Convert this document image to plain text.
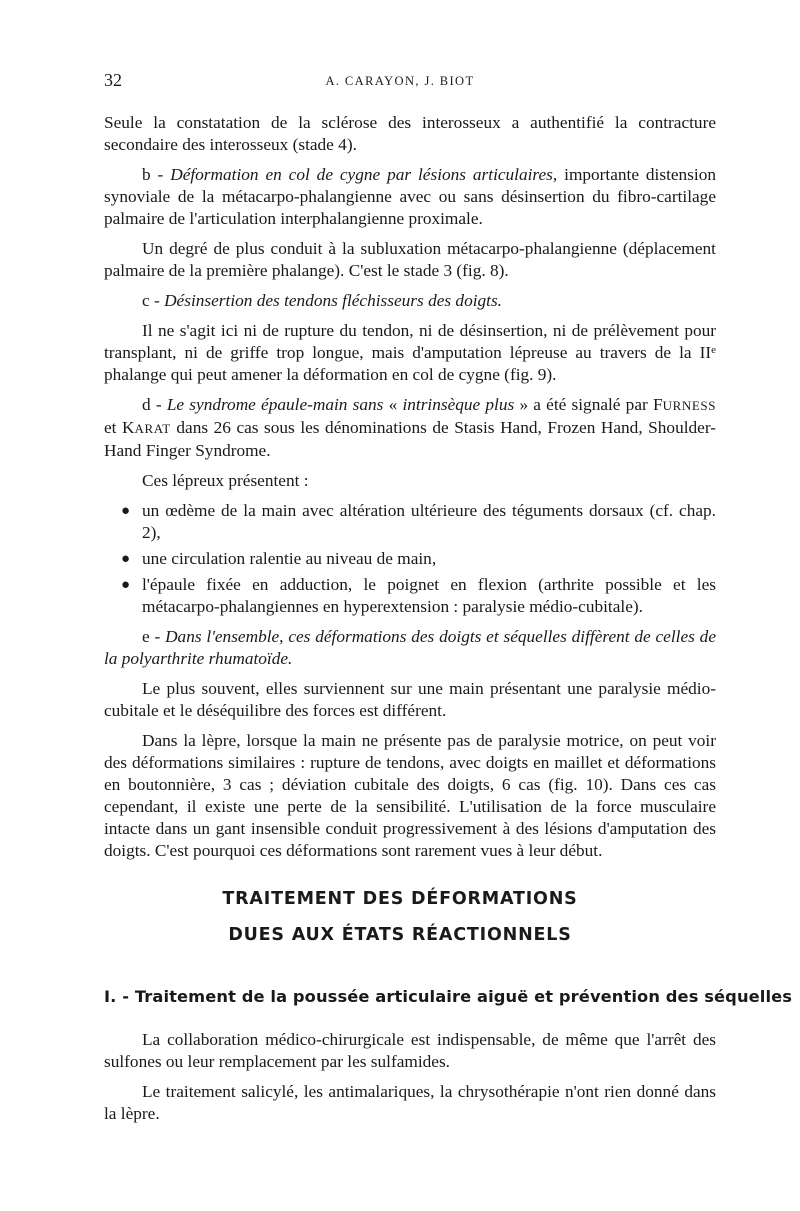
32	A. CARAYON, J. BIOT

Seule la constatation de la sclérose des interosseux a authentifié la contracture secondaire des interosseux (stade 4).

b - Déformation en col de cygne par lésions articulaires, importante distension synoviale de la métacarpo-phalangienne avec ou sans désinsertion du fibro-cartilage palmaire de l'articulation interphalangienne proximale.

Un degré de plus conduit à la subluxation métacarpo-phalangienne (déplacement palmaire de la première phalange). C'est le stade 3 (fig. 8).

c - Désinsertion des tendons fléchisseurs des doigts.

Il ne s'agit ici ni de rupture du tendon, ni de désinsertion, ni de prélèvement pour transplant, ni de griffe trop longue, mais d'amputation lépreuse au travers de la IIe phalange qui peut amener la déformation en col de cygne (fig. 9).

d - Le syndrome épaule-main sans « intrinsèque plus » a été signalé par FURNESS et KARAT dans 26 cas sous les dénominations de Stasis Hand, Frozen Hand, Shoulder-Hand Finger Syndrome.

Ces lépreux présentent :

● un œdème de la main avec altération ultérieure des téguments dorsaux (cf. chap. 2),
● une circulation ralentie au niveau de main,
● l'épaule fixée en adduction, le poignet en flexion (arthrite possible et les métacarpo-phalangiennes en hyperextension : paralysie médio-cubitale).

e - Dans l'ensemble, ces déformations des doigts et séquelles diffèrent de celles de la polyarthrite rhumatoïde.

Le plus souvent, elles surviennent sur une main présentant une paralysie médio-cubitale et le déséquilibre des forces est différent.

Dans la lèpre, lorsque la main ne présente pas de paralysie motrice, on peut voir des déformations similaires : rupture de tendons, avec doigts en maillet et déformations en boutonnière, 3 cas ; déviation cubitale des doigts, 6 cas (fig. 10). Dans ces cas cependant, il existe une perte de la sensibilité. L'utilisation de la force musculaire intacte dans un gant insensible conduit progressivement à des lésions d'amputation des doigts. C'est pourquoi ces déformations sont rarement vues à leur début.

TRAITEMENT DES DÉFORMATIONS
DUES AUX ÉTATS RÉACTIONNELS
I. - Traitement de la poussée articulaire aiguë et prévention des séquelles

La collaboration médico-chirurgicale est indispensable, de même que l'arrêt des sulfones ou leur remplacement par les sulfamides.

Le traitement salicylé, les antimalariques, la chrysothérapie n'ont rien donné dans la lèpre.
